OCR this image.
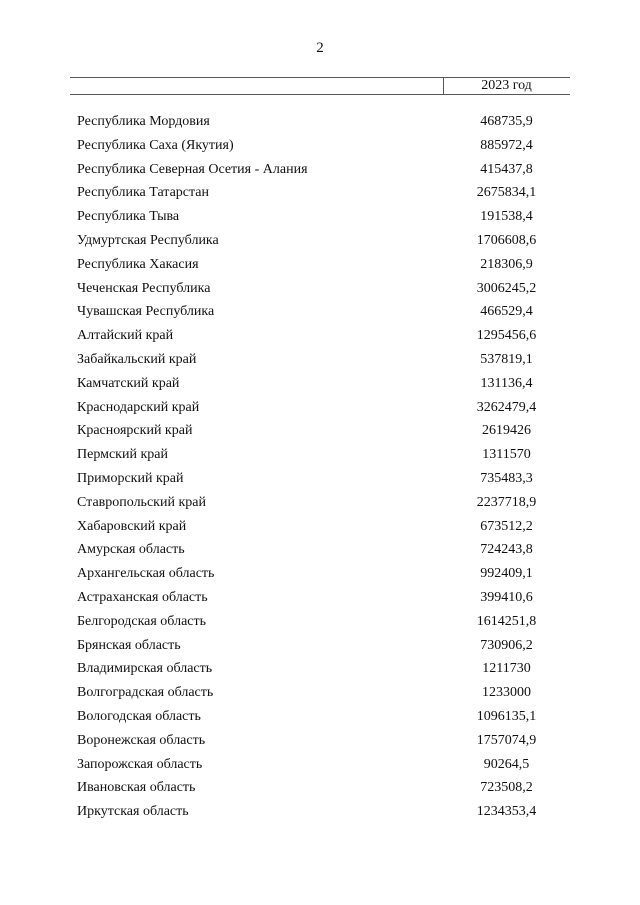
2
2023 год
Республика Мордовия	468735,9
Республика Саха (Якутия)	885972,4
Республика Северная Осетия - Алания	415437,8
Республика Татарстан	2675834,1
Республика Тыва	191538,4
Удмуртская Республика	1706608,6
Республика Хакасия	218306,9
Чеченская Республика	3006245,2
Чувашская Республика	466529,4
Алтайский край	1295456,6
Забайкальский край	537819,1
Камчатский край	131136,4
Краснодарский край	3262479,4
Красноярский край	2619426
Пермский край	1311570
Приморский край	735483,3
Ставропольский край	2237718,9
Хабаровский край	673512,2
Амурская область	724243,8
Архангельская область	992409,1
Астраханская область	399410,6
Белгородская область	1614251,8
Брянская область	730906,2
Владимирская область	1211730
Волгоградская область	1233000
Вологодская область	1096135,1
Воронежская область	1757074,9
Запорожская область	90264,5
Ивановская область	723508,2
Иркутская область	1234353,4
